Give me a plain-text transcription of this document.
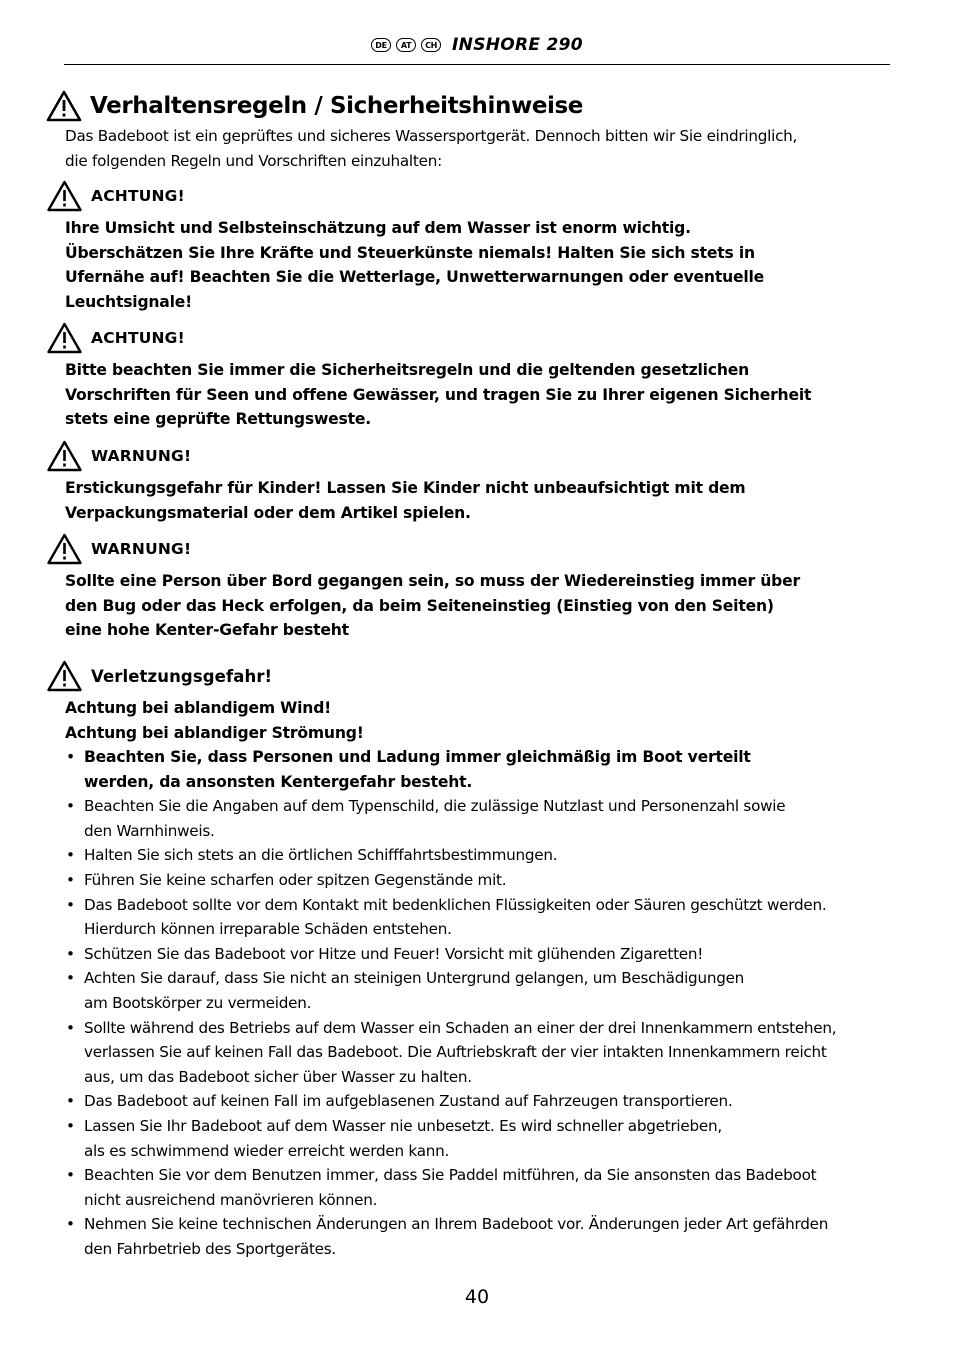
DE	AT	CH INSHORE 290
Verhaltensregeln / Sicherheitshinweise
Das Badeboot ist ein geprüftes und sicheres Wassersportgerät. Dennoch bitten wir Sie eindringlich,
die folgenden Regeln und Vorschriften einzuhalten:
ACHTUNG!
Ihre Umsicht und Selbsteinschätzung auf dem Wasser ist enorm wichtig.
Überschätzen Sie Ihre Kräfte und Steuerkünste niemals! Halten Sie sich stets in
Ufernähe auf! Beachten Sie die Wetterlage, Unwetterwarnungen oder eventuelle
Leuchtsignale!
ACHTUNG!
Bitte beachten Sie immer die Sicherheitsregeln und die geltenden gesetzlichen
Vorschriften für Seen und offene Gewässer, und tragen Sie zu Ihrer eigenen Sicherheit
stets eine geprüfte Rettungsweste.
WARNUNG!
Erstickungsgefahr für Kinder! Lassen Sie Kinder nicht unbeaufsichtigt mit dem
Verpackungsmaterial oder dem Artikel spielen.
WARNUNG!
Sollte eine Person über Bord gegangen sein, so muss der Wiedereinstieg immer über
den Bug oder das Heck erfolgen, da beim Seiteneinstieg (Einstieg von den Seiten)
eine hohe Kenter-Gefahr besteht
Verletzungsgefahr!
Achtung bei ablandigem Wind!
Achtung bei ablandiger Strömung!
• Beachten Sie, dass Personen und Ladung immer gleichmäßig im Boot verteilt
werden, da ansonsten Kentergefahr besteht.
• Beachten Sie die Angaben auf dem Typenschild, die zulässige Nutzlast und Personenzahl sowie
den Warnhinweis.
• Halten Sie sich stets an die örtlichen Schifffahrtsbestimmungen.
• Führen Sie keine scharfen oder spitzen Gegenstände mit.
• Das Badeboot sollte vor dem Kontakt mit bedenklichen Flüssigkeiten oder Säuren geschützt werden.
Hierdurch können irreparable Schäden entstehen.
• Schützen Sie das Badeboot vor Hitze und Feuer! Vorsicht mit glühenden Zigaretten!
• Achten Sie darauf, dass Sie nicht an steinigen Untergrund gelangen, um Beschädigungen
am Bootskörper zu vermeiden.
• Sollte während des Betriebs auf dem Wasser ein Schaden an einer der drei Innenkammern entstehen,
verlassen Sie auf keinen Fall das Badeboot. Die Auftriebskraft der vier intakten Innenkammern reicht
aus, um das Badeboot sicher über Wasser zu halten.
• Das Badeboot auf keinen Fall im aufgeblasenen Zustand auf Fahrzeugen transportieren.
• Lassen Sie Ihr Badeboot auf dem Wasser nie unbesetzt. Es wird schneller abgetrieben,
als es schwimmend wieder erreicht werden kann.
• Beachten Sie vor dem Benutzen immer, dass Sie Paddel mitführen, da Sie ansonsten das Badeboot
nicht ausreichend manövrieren können.
• Nehmen Sie keine technischen Änderungen an Ihrem Badeboot vor. Änderungen jeder Art gefährden
den Fahrbetrieb des Sportgerätes.
40
